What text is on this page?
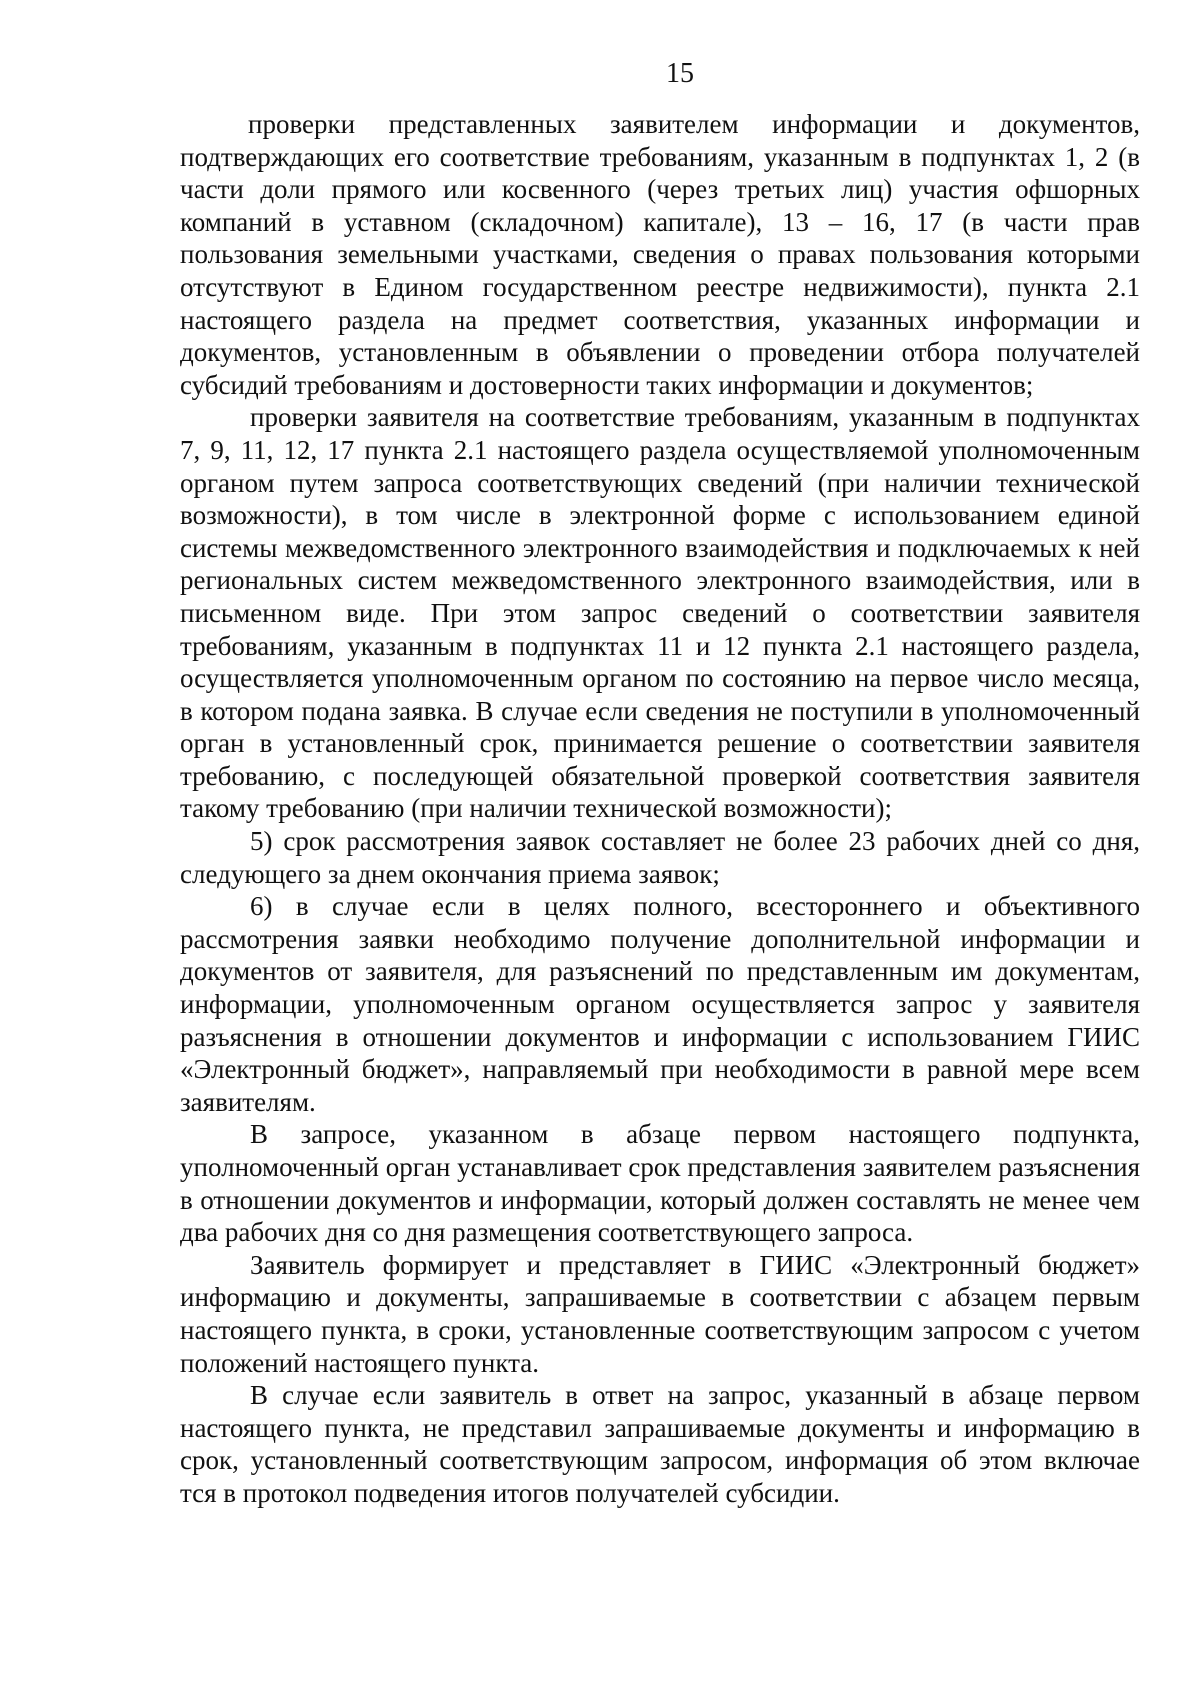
15

проверки представленных заявителем информации и документов, подтверждающих его соответствие требованиям, указанным в подпунктах 1, 2 (в части доли прямого или косвенного (через третьих лиц) участия офшорных компаний в уставном (складочном) капитале), 13 – 16, 17 (в части прав пользования земельными участками, сведения о правах пользования которыми отсутствуют в Едином государственном реестре недвижимости), пункта 2.1 настоящего раздела на предмет соответствия, указанных информации и документов, установленным в объявлении о проведении отбора получателей субсидий требованиям и достоверности таких информации и документов;

проверки заявителя на соответствие требованиям, указанным в подпунктах 7, 9, 11, 12, 17 пункта 2.1 настоящего раздела осуществляемой уполномоченным органом путем запроса соответствующих сведений (при наличии технической возможности), в том числе в электронной форме с использованием единой системы межведомственного электронного взаимодействия и подключаемых к ней региональных систем межведомственного электронного взаимодействия, или в письменном виде. При этом запрос сведений о соответствии заявителя требованиям, указанным в подпунктах 11 и 12 пункта 2.1 настоящего раздела, осуществляется уполномоченным органом по состоянию на первое число месяца, в котором подана заявка. В случае если сведения не поступили в уполномоченный орган в установленный срок, принимается решение о соответствии заявителя требованию, с последующей обязательной проверкой соответствия заявителя такому требованию (при наличии технической возможности);

5) срок рассмотрения заявок составляет не более 23 рабочих дней со дня, следующего за днем окончания приема заявок;

6) в случае если в целях полного, всестороннего и объективного рассмотрения заявки необходимо получение дополнительной информации и документов от заявителя, для разъяснений по представленным им документам, информации, уполномоченным органом осуществляется запрос у заявителя разъяснения в отношении документов и информации с использованием ГИИС «Электронный бюджет», направляемый при необходимости в равной мере всем заявителям.

В запросе, указанном в абзаце первом настоящего подпункта, уполномоченный орган устанавливает срок представления заявителем разъяснения в отношении документов и информации, который должен составлять не менее чем два рабочих дня со дня размещения соответствующего запроса.

Заявитель формирует и представляет в ГИИС «Электронный бюджет» информацию и документы, запрашиваемые в соответствии с абзацем первым настоящего пункта, в сроки, установленные соответствующим запросом с учетом положений настоящего пункта.

В случае если заявитель в ответ на запрос, указанный в абзаце первом настоящего пункта, не представил запрашиваемые документы и информацию в срок, установленный соответствующим запросом, информация об этом включае тся в протокол подведения итогов получателей субсидии.
